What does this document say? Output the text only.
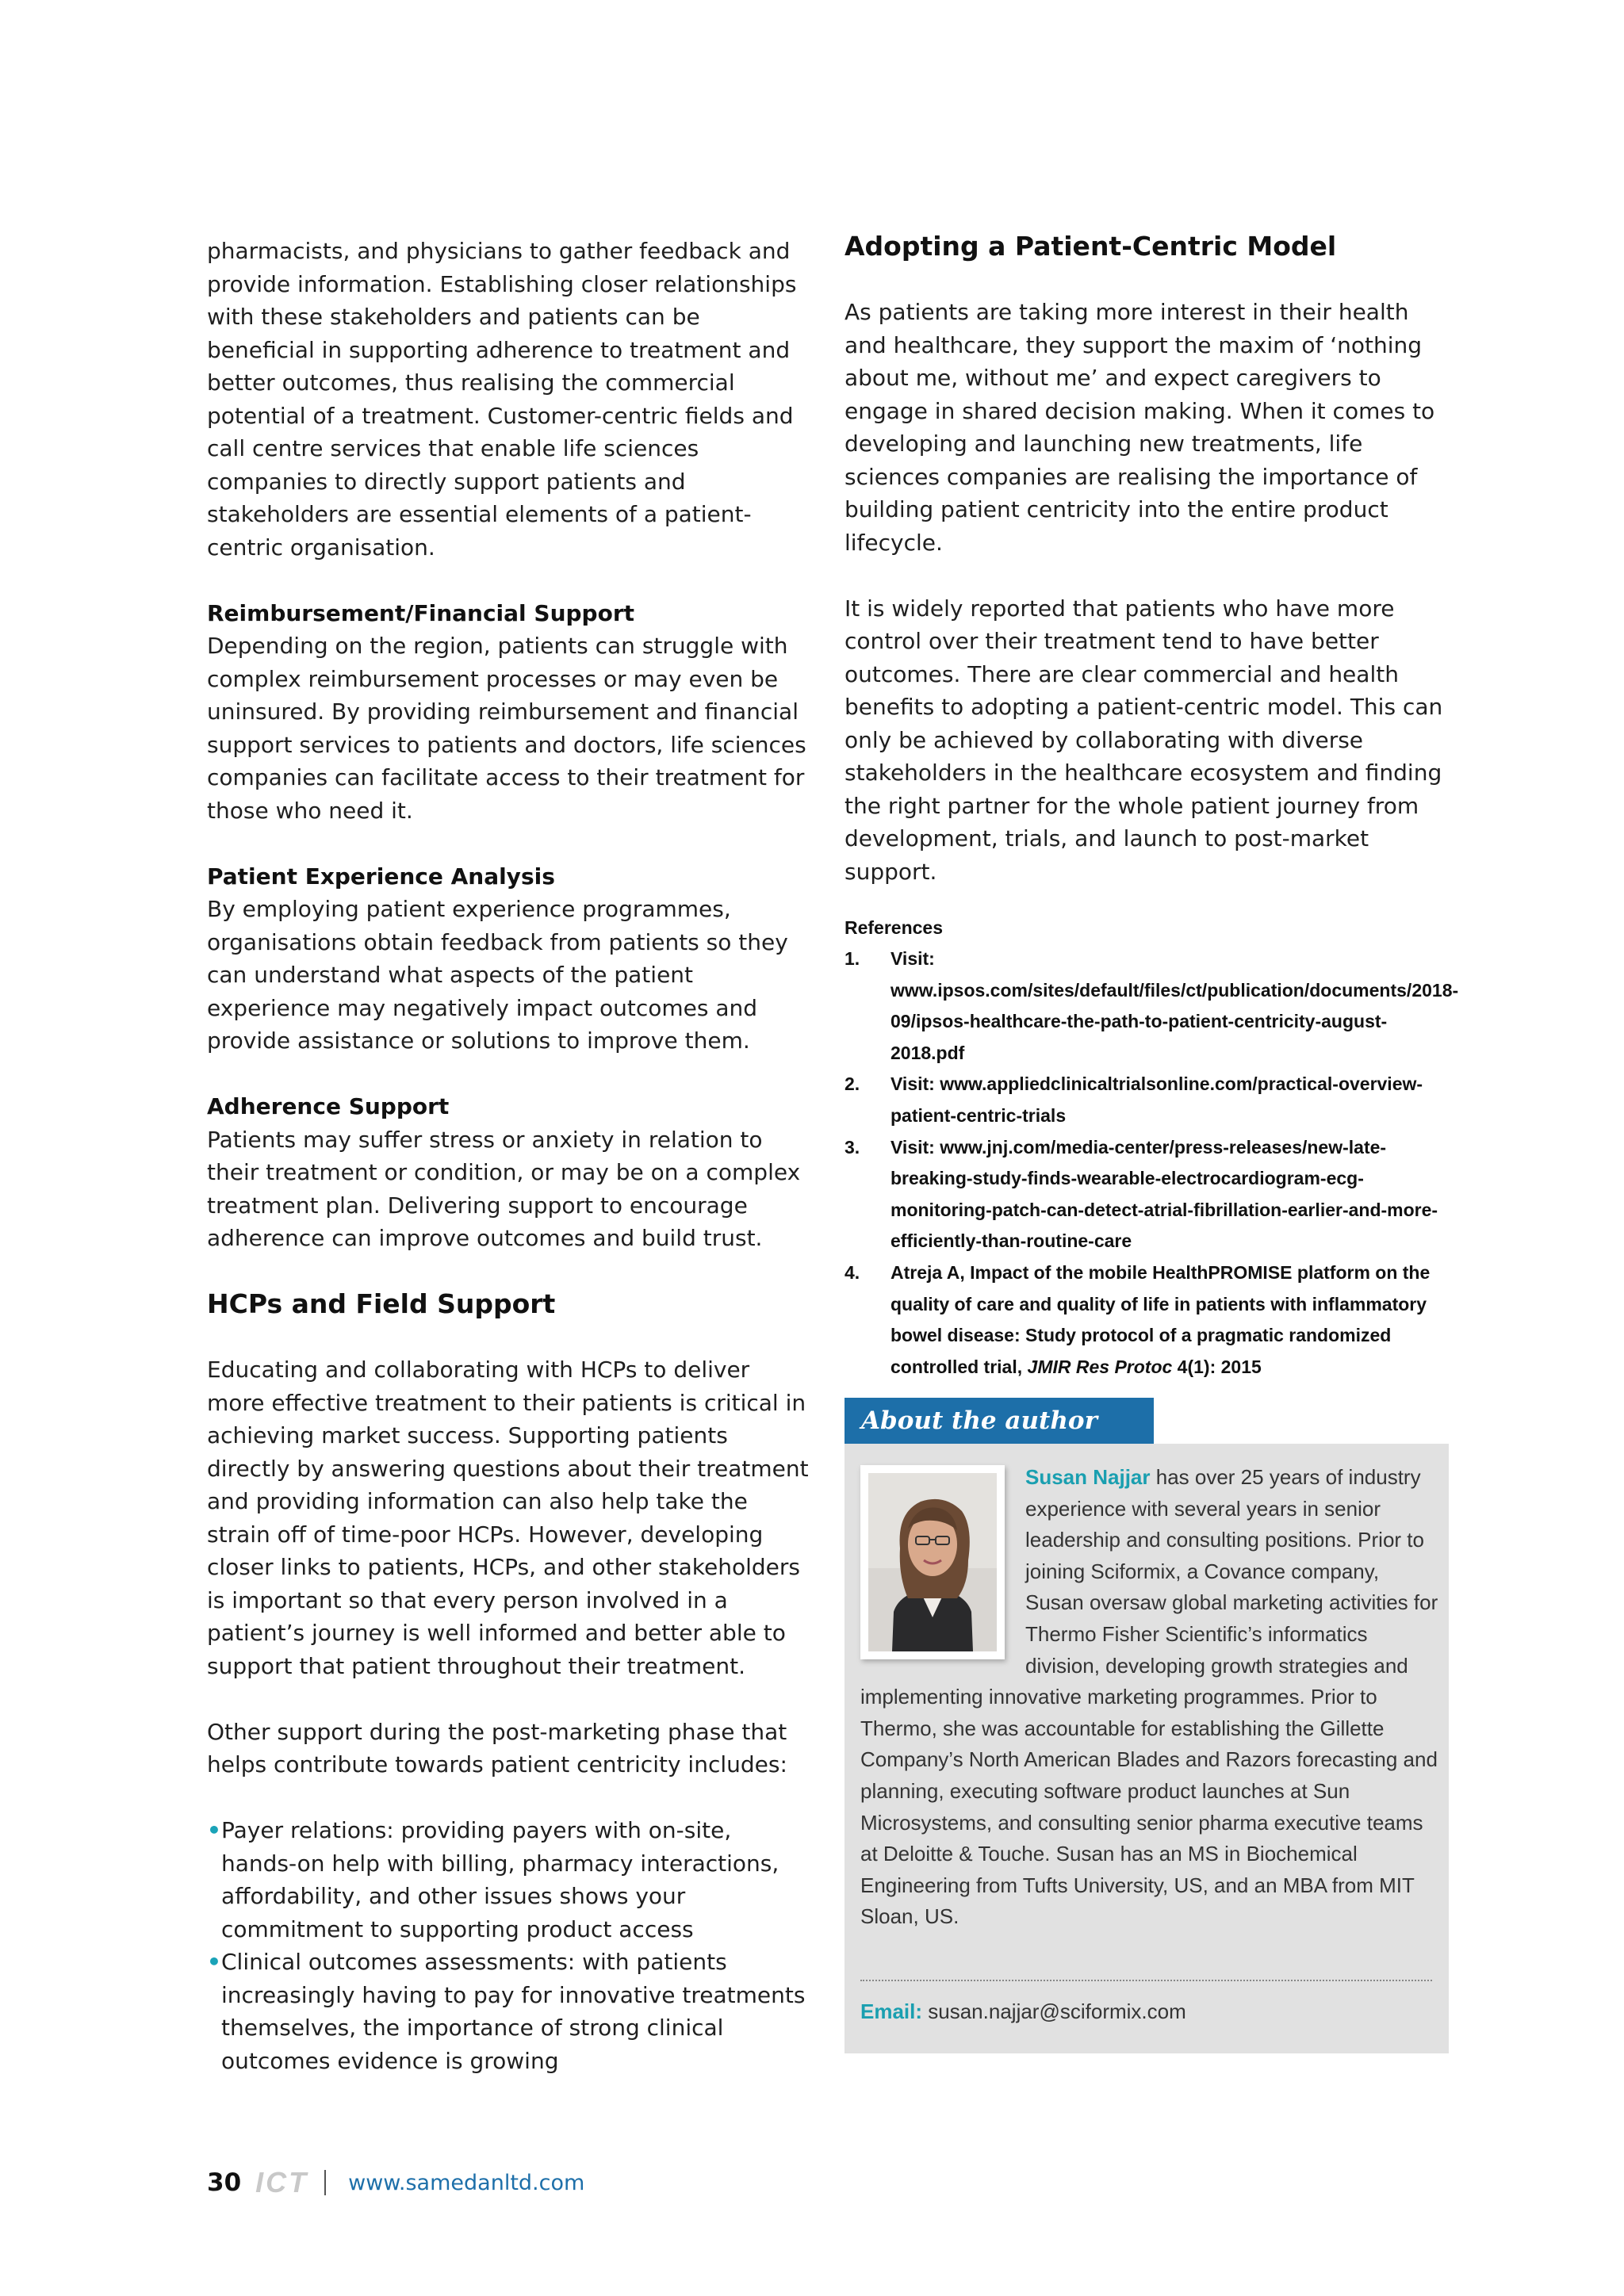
pharmacists, and physicians to gather feedback and provide information. Establishing closer relationships with these stakeholders and patients can be beneficial in supporting adherence to treatment and better outcomes, thus realising the commercial potential of a treatment. Customer-centric fields and call centre services that enable life sciences companies to directly support patients and stakeholders are essential elements of a patient-centric organisation.

Reimbursement/Financial Support

Depending on the region, patients can struggle with complex reimbursement processes or may even be uninsured. By providing reimbursement and financial support services to patients and doctors, life sciences companies can facilitate access to their treatment for those who need it.

Patient Experience Analysis

By employing patient experience programmes, organisations obtain feedback from patients so they can understand what aspects of the patient experience may negatively impact outcomes and provide assistance or solutions to improve them.

Adherence Support

Patients may suffer stress or anxiety in relation to their treatment or condition, or may be on a complex treatment plan. Delivering support to encourage adherence can improve outcomes and build trust.

HCPs and Field Support

Educating and collaborating with HCPs to deliver more effective treatment to their patients is critical in achieving market success. Supporting patients directly by answering questions about their treatment and providing information can also help take the strain off of time-poor HCPs. However, developing closer links to patients, HCPs, and other stakeholders is important so that every person involved in a patient’s journey is well informed and better able to support that patient throughout their treatment.

Other support during the post-marketing phase that helps contribute towards patient centricity includes:

• Payer relations: providing payers with on-site, hands-on help with billing, pharmacy interactions, affordability, and other issues shows your commitment to supporting product access
• Clinical outcomes assessments: with patients increasingly having to pay for innovative treatments themselves, the importance of strong clinical outcomes evidence is growing
Adopting a Patient-Centric Model

As patients are taking more interest in their health and healthcare, they support the maxim of ‘nothing about me, without me’ and expect caregivers to engage in shared decision making. When it comes to developing and launching new treatments, life sciences companies are realising the importance of building patient centricity into the entire product lifecycle.

It is widely reported that patients who have more control over their treatment tend to have better outcomes. There are clear commercial and health benefits to adopting a patient-centric model. This can only be achieved by collaborating with diverse stakeholders in the healthcare ecosystem and finding the right partner for the whole patient journey from development, trials, and launch to post-market support.

References
1. Visit: www.ipsos.com/sites/default/files/ct/publication/documents/2018-09/ipsos-healthcare-the-path-to-patient-centricity-august-2018.pdf
2. Visit: www.appliedclinicaltrialsonline.com/practical-overview-patient-centric-trials
3. Visit: www.jnj.com/media-center/press-releases/new-late-breaking-study-finds-wearable-electrocardiogram-ecg-monitoring-patch-can-detect-atrial-fibrillation-earlier-and-more-efficiently-than-routine-care
4. Atreja A, Impact of the mobile HealthPROMISE platform on the quality of care and quality of life in patients with inflammatory bowel disease: Study protocol of a pragmatic randomized controlled trial, JMIR Res Protoc 4(1): 2015
About the author
Susan Najjar has over 25 years of industry experience with several years in senior leadership and consulting positions. Prior to joining Sciformix, a Covance company, Susan oversaw global marketing activities for Thermo Fisher Scientific’s informatics division, developing growth strategies and implementing innovative marketing programmes. Prior to Thermo, she was accountable for establishing the Gillette Company’s North American Blades and Razors forecasting and planning, executing software product launches at Sun Microsystems, and consulting senior pharma executive teams at Deloitte & Touche. Susan has an MS in Biochemical Engineering from Tufts University, US, and an MBA from MIT Sloan, US.
Email: susan.najjar@sciformix.com
30 ICT www.samedanltd.com
